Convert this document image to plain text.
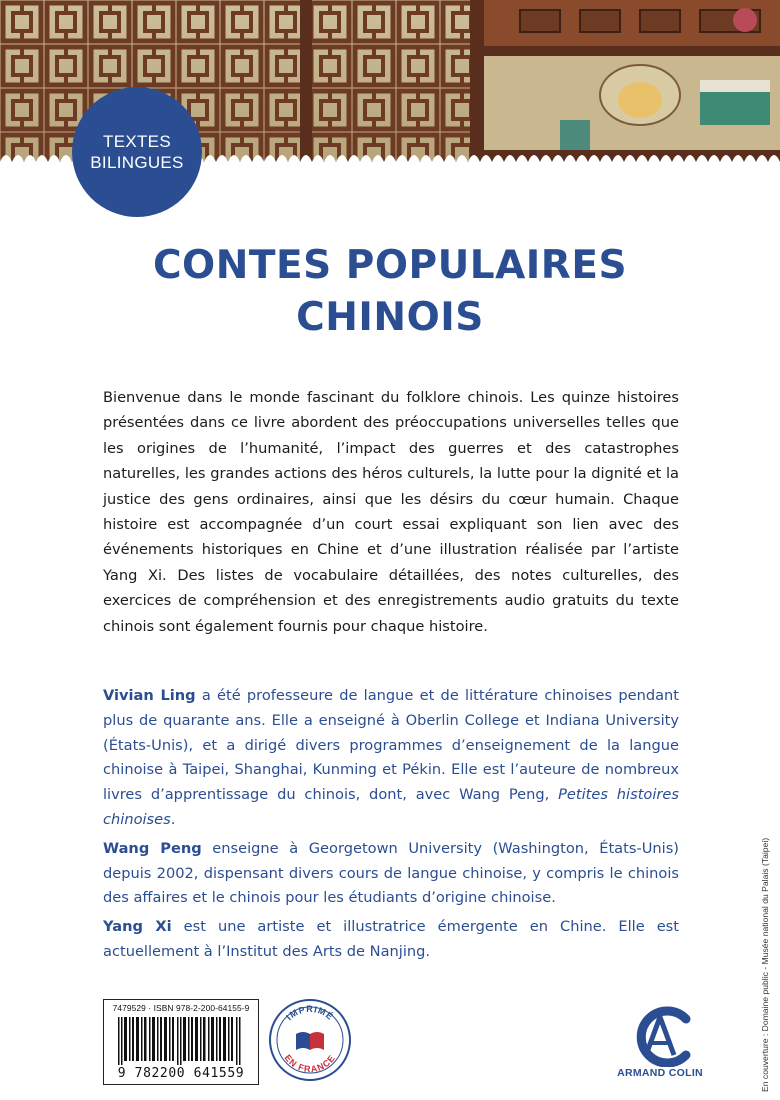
TEXTES
BILINGUES
CONTES POPULAIRES
CHINOIS
Bienvenue dans le monde fascinant du folklore chinois. Les quinze histoires présentées dans ce livre abordent des préoccupations universelles telles que les origines de l’humanité, l’impact des guerres et des catastrophes naturelles, les grandes actions des héros culturels, la lutte pour la dignité et la justice des gens ordinaires, ainsi que les désirs du cœur humain. Chaque histoire est accompagnée d’un court essai expliquant son lien avec des événements historiques en Chine et d’une illustration réalisée par l’artiste Yang Xi. Des listes de vocabulaire détaillées, des notes culturelles, des exercices de compréhension et des enregistrements audio gratuits du texte chinois sont également fournis pour chaque histoire.

Vivian Ling a été professeure de langue et de littérature chinoises pendant plus de quarante ans. Elle a enseigné à Oberlin College et Indiana University (États-Unis), et a dirigé divers programmes d’enseignement de la langue chinoise à Taipei, Shanghai, Kunming et Pékin. Elle est l’auteure de nombreux livres d’apprentissage du chinois, dont, avec Wang Peng, Petites histoires chinoises.

Wang Peng enseigne à Georgetown University (Washington, États-Unis) depuis 2002, dispensant divers cours de langue chinoise, y compris le chinois des affaires et le chinois pour les étudiants d’origine chinoise.

Yang Xi est une artiste et illustratrice émergente en Chine. Elle est actuellement à l’Institut des Arts de Nanjing.

7479529 · ISBN 978-2-200-64155-9
9 782200 641559
IMPRIMÉ
EN FRANCE
ARMAND COLIN	En couverture : Domaine public - Musée national du Palais (Taipei)
